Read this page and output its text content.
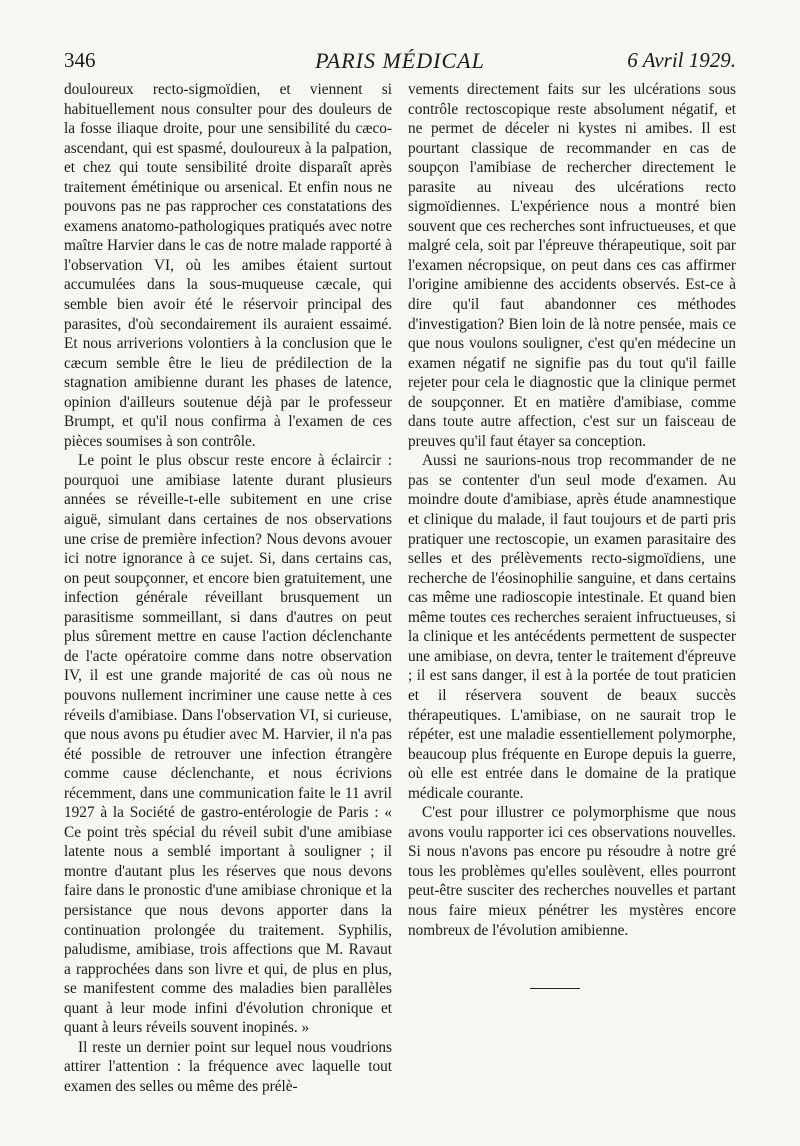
346	PARIS MÉDICAL	6 Avril 1929.

douloureux recto-sigmoïdien, et viennent si habituellement nous consulter pour des douleurs de la fosse iliaque droite, pour une sensibilité du cæco-ascendant, qui est spasmé, douloureux à la palpation, et chez qui toute sensibilité droite disparaît après traitement émétinique ou arsenical. Et enfin nous ne pouvons pas ne pas rapprocher ces constatations des examens anatomo-pathologiques pratiqués avec notre maître Harvier dans le cas de notre malade rapporté à l'observation VI, où les amibes étaient surtout accumulées dans la sous-muqueuse cæcale, qui semble bien avoir été le réservoir principal des parasites, d'où secondairement ils auraient essaimé. Et nous arriverions volontiers à la conclusion que le cæcum semble être le lieu de prédilection de la stagnation amibienne durant les phases de latence, opinion d'ailleurs soutenue déjà par le professeur Brumpt, et qu'il nous confirma à l'examen de ces pièces soumises à son contrôle.

Le point le plus obscur reste encore à éclaircir : pourquoi une amibiase latente durant plusieurs années se réveille-t-elle subitement en une crise aiguë, simulant dans certaines de nos observations une crise de première infection? Nous devons avouer ici notre ignorance à ce sujet. Si, dans certains cas, on peut soupçonner, et encore bien gratuitement, une infection générale réveillant brusquement un parasitisme sommeillant, si dans d'autres on peut plus sûrement mettre en cause l'action déclenchante de l'acte opératoire comme dans notre observation IV, il est une grande majorité de cas où nous ne pouvons nullement incriminer une cause nette à ces réveils d'amibiase. Dans l'observation VI, si curieuse, que nous avons pu étudier avec M. Harvier, il n'a pas été possible de retrouver une infection étrangère comme cause déclenchante, et nous écrivions récemment, dans une communication faite le 11 avril 1927 à la Société de gastro-entérologie de Paris : « Ce point très spécial du réveil subit d'une amibiase latente nous a semblé important à souligner ; il montre d'autant plus les réserves que nous devons faire dans le pronostic d'une amibiase chronique et la persistance que nous devons apporter dans la continuation prolongée du traitement. Syphilis, paludisme, amibiase, trois affections que M. Ravaut a rapprochées dans son livre et qui, de plus en plus, se manifestent comme des maladies bien parallèles quant à leur mode infini d'évolution chronique et quant à leurs réveils souvent inopinés. »

Il reste un dernier point sur lequel nous voudrions attirer l'attention : la fréquence avec laquelle tout examen des selles ou même des prélè-

vements directement faits sur les ulcérations sous contrôle rectoscopique reste absolument négatif, et ne permet de déceler ni kystes ni amibes. Il est pourtant classique de recommander en cas de soupçon l'amibiase de rechercher directement le parasite au niveau des ulcérations recto sigmoïdiennes. L'expérience nous a montré bien souvent que ces recherches sont infructueuses, et que malgré cela, soit par l'épreuve thérapeutique, soit par l'examen nécropsique, on peut dans ces cas affirmer l'origine amibienne des accidents observés. Est-ce à dire qu'il faut abandonner ces méthodes d'investigation? Bien loin de là notre pensée, mais ce que nous voulons souligner, c'est qu'en médecine un examen négatif ne signifie pas du tout qu'il faille rejeter pour cela le diagnostic que la clinique permet de soupçonner. Et en matière d'amibiase, comme dans toute autre affection, c'est sur un faisceau de preuves qu'il faut étayer sa conception.

Aussi ne saurions-nous trop recommander de ne pas se contenter d'un seul mode d'examen. Au moindre doute d'amibiase, après étude anamnestique et clinique du malade, il faut toujours et de parti pris pratiquer une rectoscopie, un examen parasitaire des selles et des prélèvements recto-sigmoïdiens, une recherche de l'éosinophilie sanguine, et dans certains cas même une radioscopie intestinale. Et quand bien même toutes ces recherches seraient infructueuses, si la clinique et les antécédents permettent de suspecter une amibiase, on devra, tenter le traitement d'épreuve ; il est sans danger, il est à la portée de tout praticien et il réservera souvent de beaux succès thérapeutiques. L'amibiase, on ne saurait trop le répéter, est une maladie essentiellement polymorphe, beaucoup plus fréquente en Europe depuis la guerre, où elle est entrée dans le domaine de la pratique médicale courante.

C'est pour illustrer ce polymorphisme que nous avons voulu rapporter ici ces observations nouvelles. Si nous n'avons pas encore pu résoudre à notre gré tous les problèmes qu'elles soulèvent, elles pourront peut-être susciter des recherches nouvelles et partant nous faire mieux pénétrer les mystères encore nombreux de l'évolution amibienne.
